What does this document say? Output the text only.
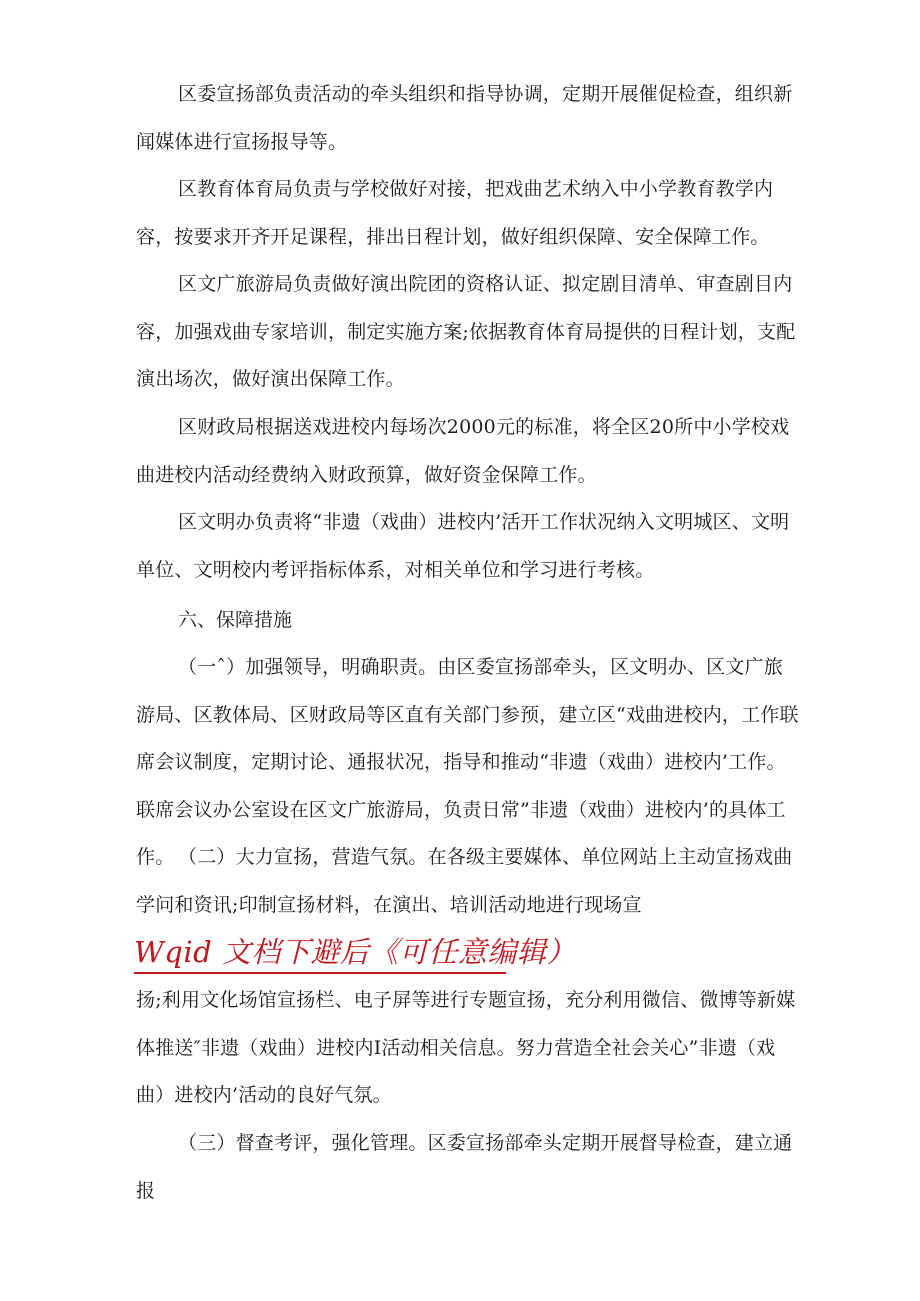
区委宣扬部负责活动的牵头组织和指导协调，定期开展催促检查，组织新闻媒体进行宣扬报导等。

区教育体育局负责与学校做好对接，把戏曲艺术纳入中小学教育教学内容，按要求开齐开足课程，排出日程计划，做好组织保障、安全保障工作。

区文广旅游局负责做好演出院团的资格认证、拟定剧目清单、审查剧目内容，加强戏曲专家培训，制定实施方案;依据教育体育局提供的日程计划，支配演出场次，做好演出保障工作。

区财政局根据送戏进校内每场次2000元的标准，将全区20所中小学校戏曲进校内活动经费纳入财政预算，做好资金保障工作。

区文明办负责将“非遗（戏曲）进校内’活开工作状况纳入文明城区、文明单位、文明校内考评指标体系，对相关单位和学习进行考核。

六、保障措施

（一ˆ）加强领导，明确职责。由区委宣扬部牵头，区文明办、区文广旅游局、区教体局、区财政局等区直有关部门参预，建立区“戏曲进校内，工作联席会议制度，定期讨论、通报状况，指导和推动“非遗（戏曲）进校内’工作。联席会议办公室设在区文广旅游局，负责日常”非遗（戏曲）进校内’的具体工作。 （二）大力宣扬，营造气氛。在各级主要媒体、单位网站上主动宣扬戏曲学问和资讯;印制宣扬材料，在演出、培训活动地进行现场宣

Wqid 文档下避后《可任意编辑）

扬;利用文化场馆宣扬栏、电子屏等进行专题宣扬，充分利用微信、微博等新媒体推送″非遗（戏曲）进校内I活动相关信息。努力营造全社会关心”非遗（戏曲）进校内’活动的良好气氛。

（三）督查考评，强化管理。区委宣扬部牵头定期开展督导检查，建立通报
